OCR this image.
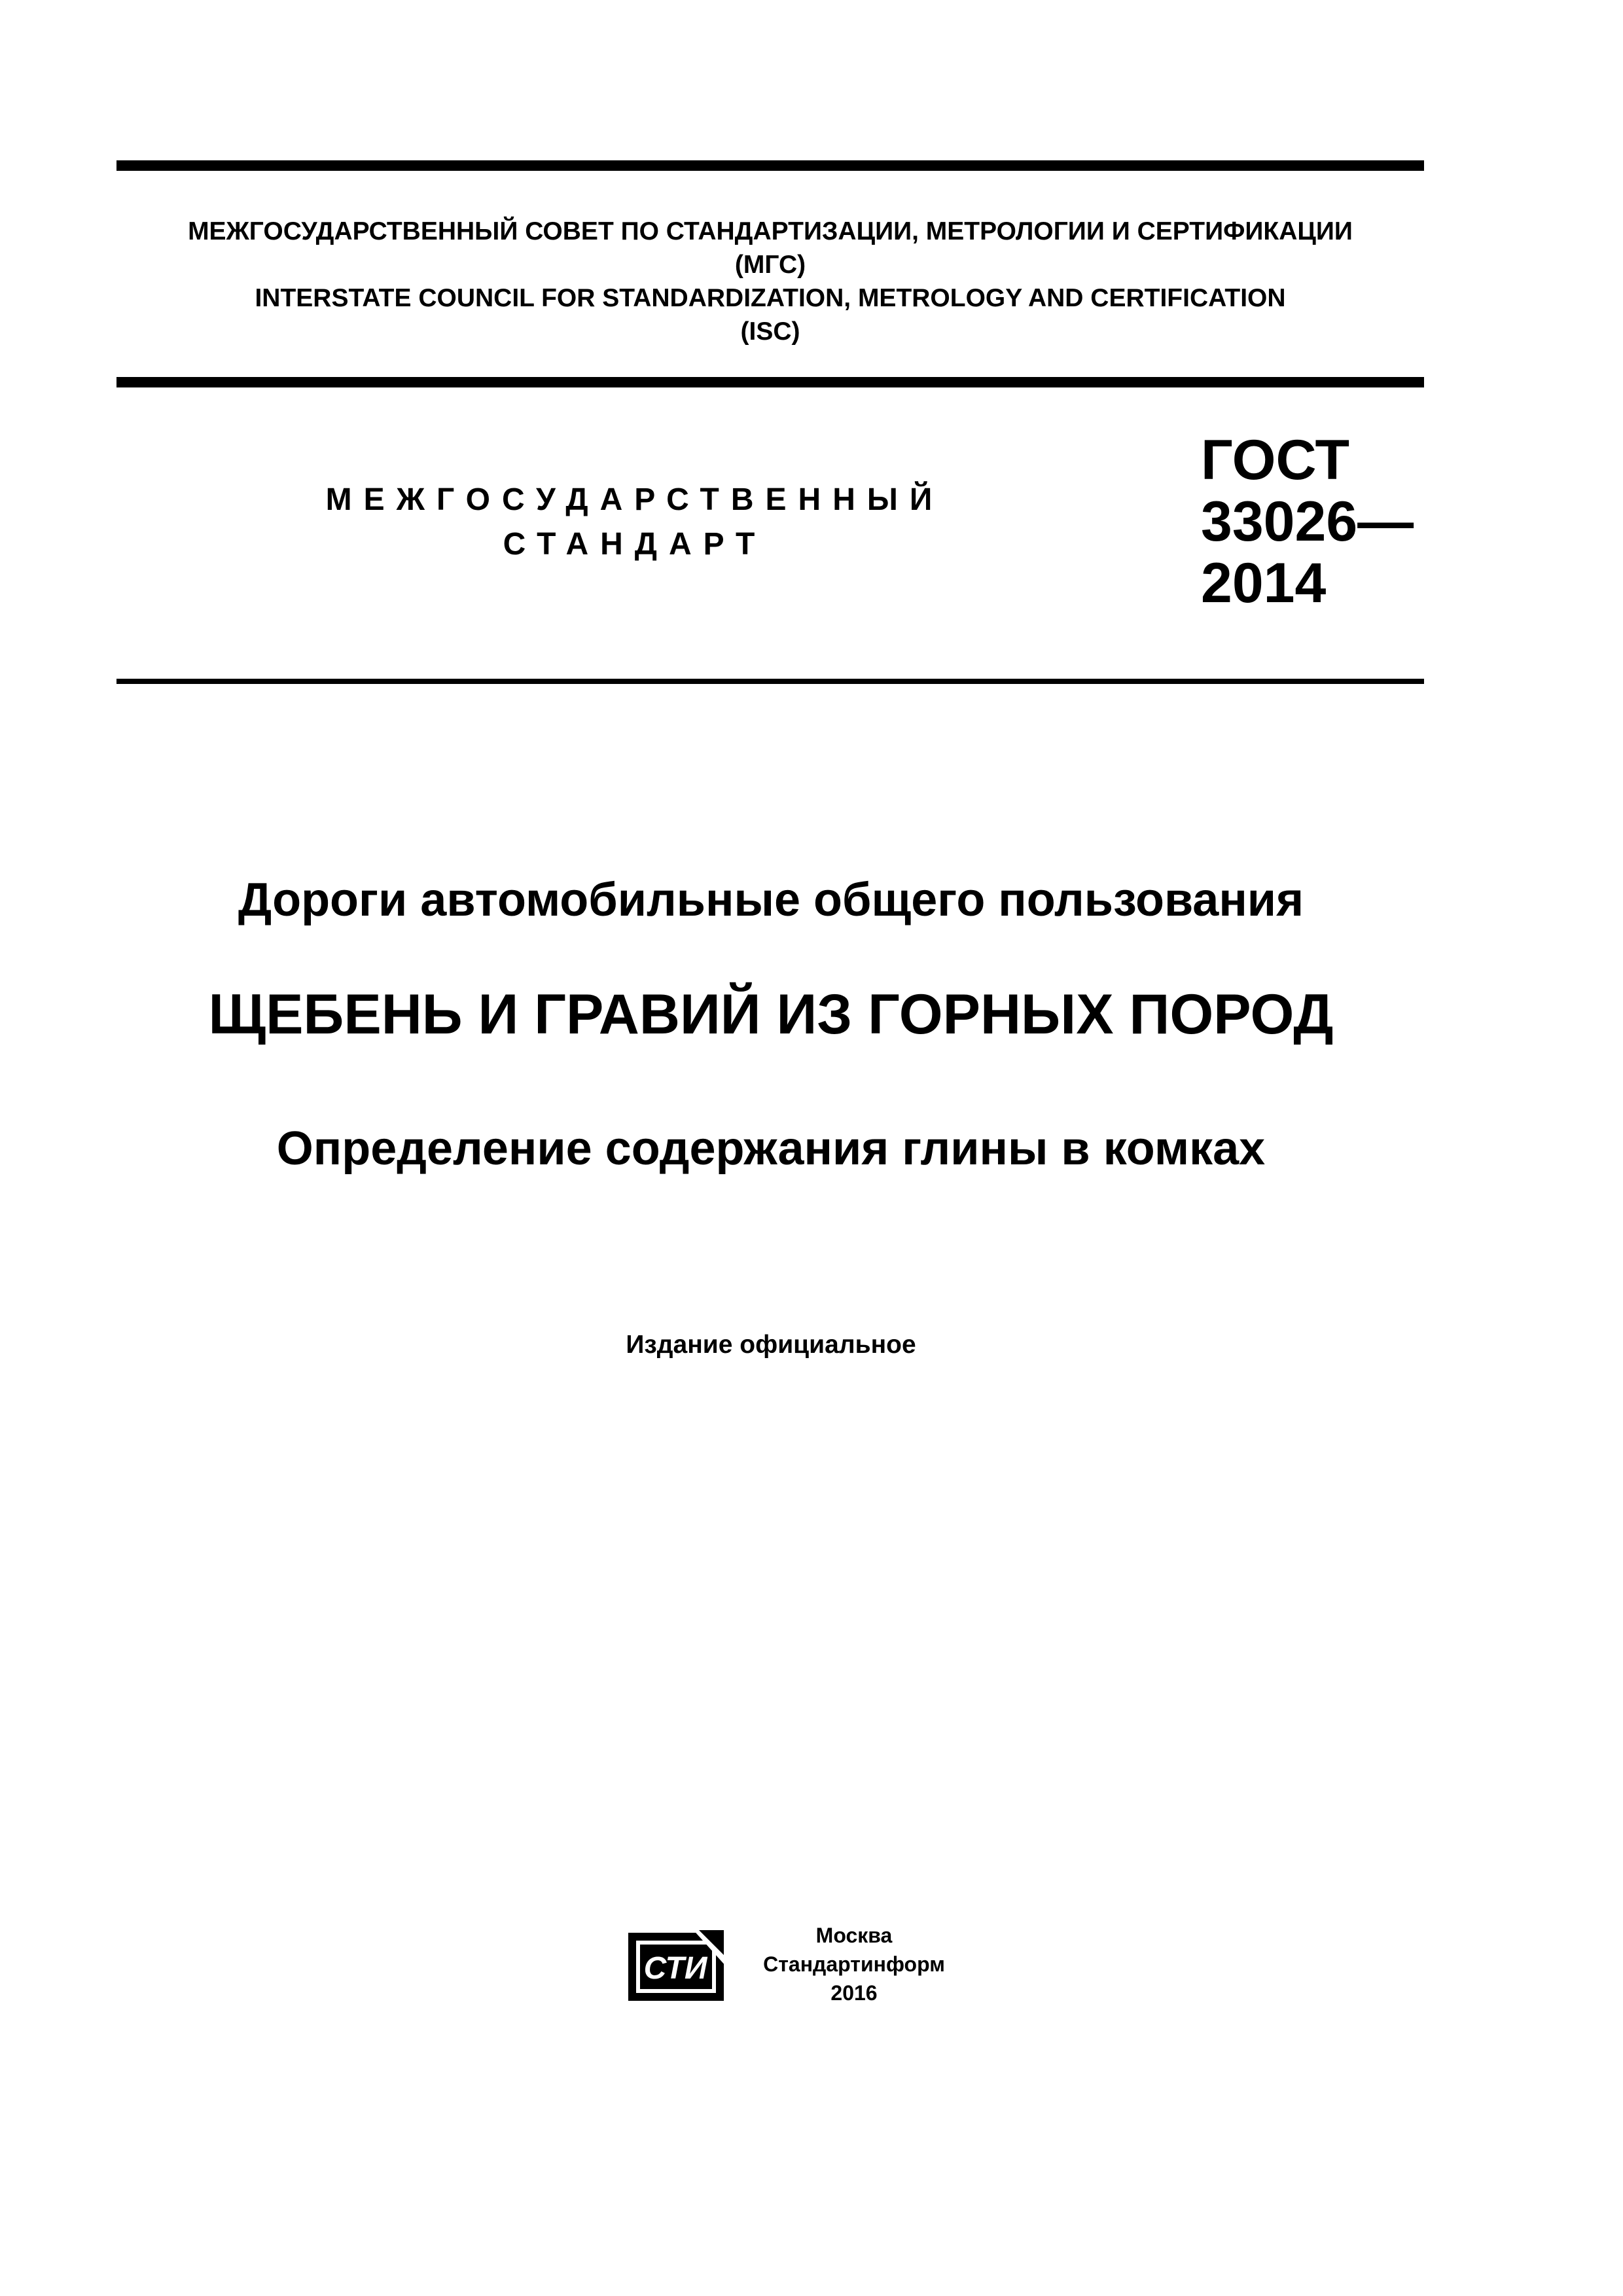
МЕЖГОСУДАРСТВЕННЫЙ СОВЕТ ПО СТАНДАРТИЗАЦИИ, МЕТРОЛОГИИ И СЕРТИФИКАЦИИ
(МГС)
INTERSTATE COUNCIL FOR STANDARDIZATION, METROLOGY AND CERTIFICATION
(ISC)
МЕЖГОСУДАРСТВЕННЫЙ
СТАНДАРТ
ГОСТ
33026—
2014
Дороги автомобильные общего пользования
ЩЕБЕНЬ И ГРАВИЙ ИЗ ГОРНЫХ ПОРОД
Определение содержания глины в комках
Издание официальное
СТИ
Москва
Стандартинформ
2016
